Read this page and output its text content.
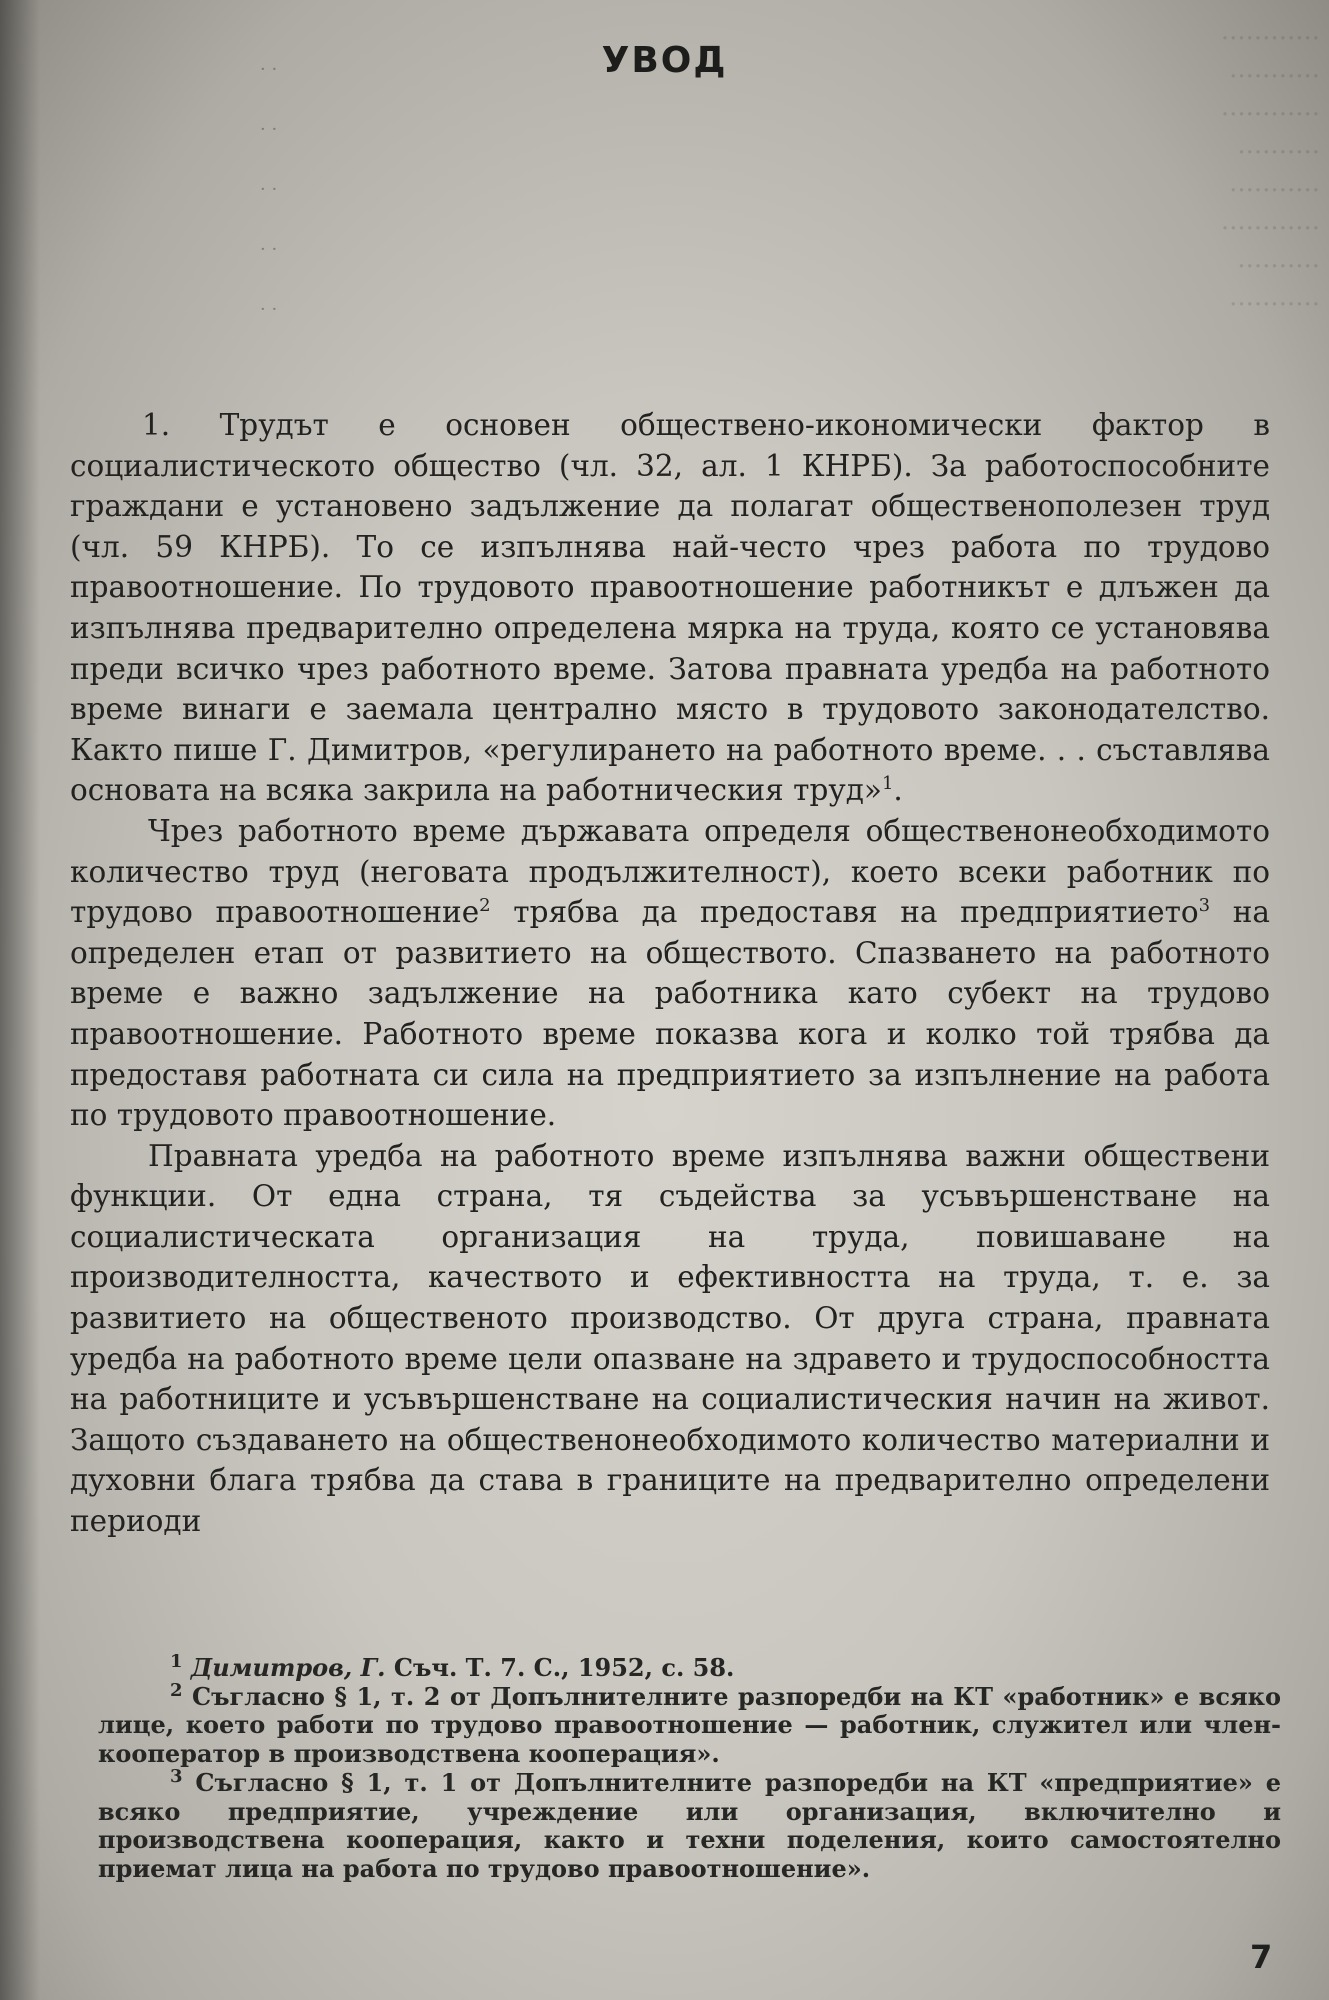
············
···········
············
··········
···········
············
··········
···········
· ·
· ·
· ·
· ·
· ·
УВОД

1. Трудът е основен обществено-икономически фактор в социалистическото общество (чл. 32, ал. 1 КНРБ). За работоспособните граждани е установено задължение да полагат общественополезен труд (чл. 59 КНРБ). То се изпълнява най-често чрез работа по трудово правоотношение. По трудовото правоотношение работникът е длъжен да изпълнява предварително определена мярка на труда, която се установява преди всичко чрез работното време. Затова правната уредба на работното време винаги е заемала централно място в трудовото законодателство. Както пише Г. Димитров, «регулирането на работното време. . . съставлява основата на всяка закрила на работническия труд»$^1$.

Чрез работното време държавата определя общественонеобходимото количество труд (неговата продължителност), което всеки работник по трудово правоотношение$^2$ трябва да предоставя на предприятието$^3$ на определен етап от развитието на обществото. Спазването на работното време е важно задължение на работника като субект на трудово правоотношение. Работното време показва кога и колко той трябва да предоставя работната си сила на предприятието за изпълнение на работа по трудовото правоотношение.

Правната уредба на работното време изпълнява важни обществени функции. От една страна, тя съдейства за усъвършенстване на социалистическата организация на труда, повишаване на производителността, качеството и ефективността на труда, т. е. за развитието на общественото производство. От друга страна, правната уредба на работното време цели опазване на здравето и трудоспособността на работниците и усъвършенстване на социалистическия начин на живот. Защото създаването на общественонеобходимото количество материални и духовни блага трябва да става в границите на предварително определени периоди

$^1$ Димитров, Г. Съч. Т. 7. С., 1952, с. 58.

$^2$ Съгласно § 1, т. 2 от Допълнителните разпоредби на КТ «работник» е всяко лице, което работи по трудово правоотношение — работник, служител или член-кооператор в производствена кооперация».

$^3$ Съгласно § 1, т. 1 от Допълнителните разпоредби на КТ «предприятие» е всяко предприятие, учреждение или организация, включително и производствена кооперация, както и техни поделения, които самостоятелно приемат лица на работа по трудово правоотношение».

7
